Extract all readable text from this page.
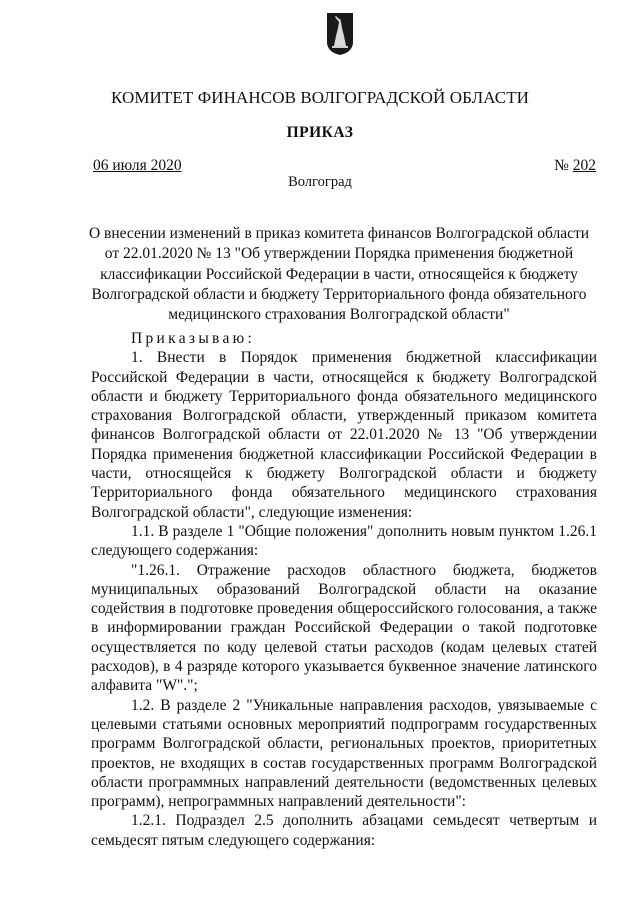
КОМИТЕТ ФИНАНСОВ ВОЛГОГРАДСКОЙ ОБЛАСТИ
ПРИКАЗ
06 июля 2020	№ 202
Волгоград
О внесении изменений в приказ комитета финансов Волгоградской области от 22.01.2020 № 13 "Об утверждении Порядка применения бюджетной классификации Российской Федерации в части, относящейся к бюджету Волгоградской области и бюджету Территориального фонда обязательного медицинского страхования Волгоградской области"

Приказываю:

1. Внести в Порядок применения бюджетной классификации Российской Федерации в части, относящейся к бюджету Волгоградской области и бюджету Территориального фонда обязательного медицинского страхования Волгоградской области, утвержденный приказом комитета финансов Волгоградской области от 22.01.2020 № 13 "Об утверждении Порядка применения бюджетной классификации Российской Федерации в части, относящейся к бюджету Волгоградской области и бюджету Территориального фонда обязательного медицинского страхования Волгоградской области", следующие изменения:

1.1. В разделе 1 "Общие положения" дополнить новым пунктом 1.26.1 следующего содержания:

"1.26.1. Отражение расходов областного бюджета, бюджетов муниципальных образований Волгоградской области на оказание содействия в подготовке проведения общероссийского голосования, а также в информировании граждан Российской Федерации о такой подготовке осуществляется по коду целевой статьи расходов (кодам целевых статей расходов), в 4 разряде которого указывается буквенное значение латинского алфавита "W".";

1.2. В разделе 2 "Уникальные направления расходов, увязываемые с целевыми статьями основных мероприятий подпрограмм государственных программ Волгоградской области, региональных проектов, приоритетных проектов, не входящих в состав государственных программ Волгоградской области программных направлений деятельности (ведомственных целевых программ), непрограммных направлений деятельности":

1.2.1. Подраздел 2.5 дополнить абзацами семьдесят четвертым и семьдесят пятым следующего содержания:
